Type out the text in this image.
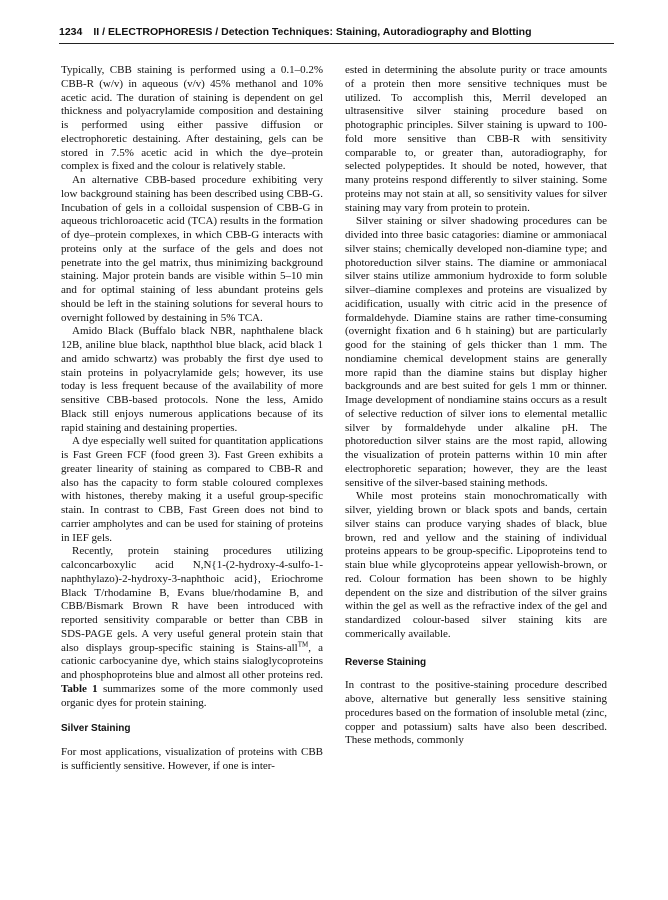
1234 II / ELECTROPHORESIS / Detection Techniques: Staining, Autoradiography and Blotting

Typically, CBB staining is performed using a 0.1–0.2% CBB-R (w/v) in aqueous (v/v) 45% methanol and 10% acetic acid. The duration of staining is dependent on gel thickness and polyacrylamide composition and destaining is performed using either passive diffusion or electrophoretic destaining. After destaining, gels can be stored in 7.5% acetic acid in which the dye–protein complex is fixed and the colour is relatively stable.

An alternative CBB-based procedure exhibiting very low background staining has been described using CBB-G. Incubation of gels in a colloidal suspension of CBB-G in aqueous trichloroacetic acid (TCA) results in the formation of dye–protein complexes, in which CBB-G interacts with proteins only at the surface of the gels and does not penetrate into the gel matrix, thus minimizing background staining. Major protein bands are visible within 5–10 min and for optimal staining of less abundant proteins gels should be left in the staining solutions for several hours to overnight followed by destaining in 5% TCA.

Amido Black (Buffalo black NBR, naphthalene black 12B, aniline blue black, napththol blue black, acid black 1 and amido schwartz) was probably the first dye used to stain proteins in polyacrylamide gels; however, its use today is less frequent because of the availability of more sensitive CBB-based protocols. None the less, Amido Black still enjoys numerous applications because of its rapid staining and destaining properties.

A dye especially well suited for quantitation applications is Fast Green FCF (food green 3). Fast Green exhibits a greater linearity of staining as compared to CBB-R and also has the capacity to form stable coloured complexes with histones, thereby making it a useful group-specific stain. In contrast to CBB, Fast Green does not bind to carrier ampholytes and can be used for staining of proteins in IEF gels.

Recently, protein staining procedures utilizing calconcarboxylic acid N,N{1-(2-hydroxy-4-sulfo-1-naphthylazo)-2-hydroxy-3-naphthoic acid}, Eriochrome Black T/rhodamine B, Evans blue/rhodamine B, and CBB/Bismark Brown R have been introduced with reported sensitivity comparable or better than CBB in SDS-PAGE gels. A very useful general protein stain that also displays group-specific staining is Stains-all™, a cationic carbocyanine dye, which stains sialoglycoproteins and phosphoproteins blue and almost all other proteins red. Table 1 summarizes some of the more commonly used organic dyes for protein staining.

Silver Staining

For most applications, visualization of proteins with CBB is sufficiently sensitive. However, if one is inter-

ested in determining the absolute purity or trace amounts of a protein then more sensitive techniques must be utilized. To accomplish this, Merril developed an ultrasensitive silver staining procedure based on photographic principles. Silver staining is upward to 100-fold more sensitive than CBB-R with sensitivity comparable to, or greater than, autoradiography, for selected polypeptides. It should be noted, however, that many proteins respond differently to silver staining. Some proteins may not stain at all, so sensitivity values for silver staining may vary from protein to protein.

Silver staining or silver shadowing procedures can be divided into three basic catagories: diamine or ammoniacal silver stains; chemically developed non-diamine type; and photoreduction silver stains. The diamine or ammoniacal silver stains utilize ammonium hydroxide to form soluble silver–diamine complexes and proteins are visualized by acidification, usually with citric acid in the presence of formaldehyde. Diamine stains are rather time-consuming (overnight fixation and 6 h staining) but are particularly good for the staining of gels thicker than 1 mm. The nondiamine chemical development stains are generally more rapid than the diamine stains but display higher backgrounds and are best suited for gels 1 mm or thinner. Image development of nondiamine stains occurs as a result of selective reduction of silver ions to elemental metallic silver by formaldehyde under alkaline pH. The photoreduction silver stains are the most rapid, allowing the visualization of protein patterns within 10 min after electrophoretic separation; however, they are the least sensitive of the silver-based staining methods.

While most proteins stain monochromatically with silver, yielding brown or black spots and bands, certain silver stains can produce varying shades of black, blue brown, red and yellow and the staining of individual proteins appears to be group-specific. Lipoproteins tend to stain blue while glycoproteins appear yellowish-brown, or red. Colour formation has been shown to be highly dependent on the size and distribution of the silver grains within the gel as well as the refractive index of the gel and standardized colour-based silver staining kits are commerically available.

Reverse Staining

In contrast to the positive-staining procedure described above, alternative but generally less sensitive staining procedures based on the formation of insoluble metal (zinc, copper and potassium) salts have also been described. These methods, commonly
